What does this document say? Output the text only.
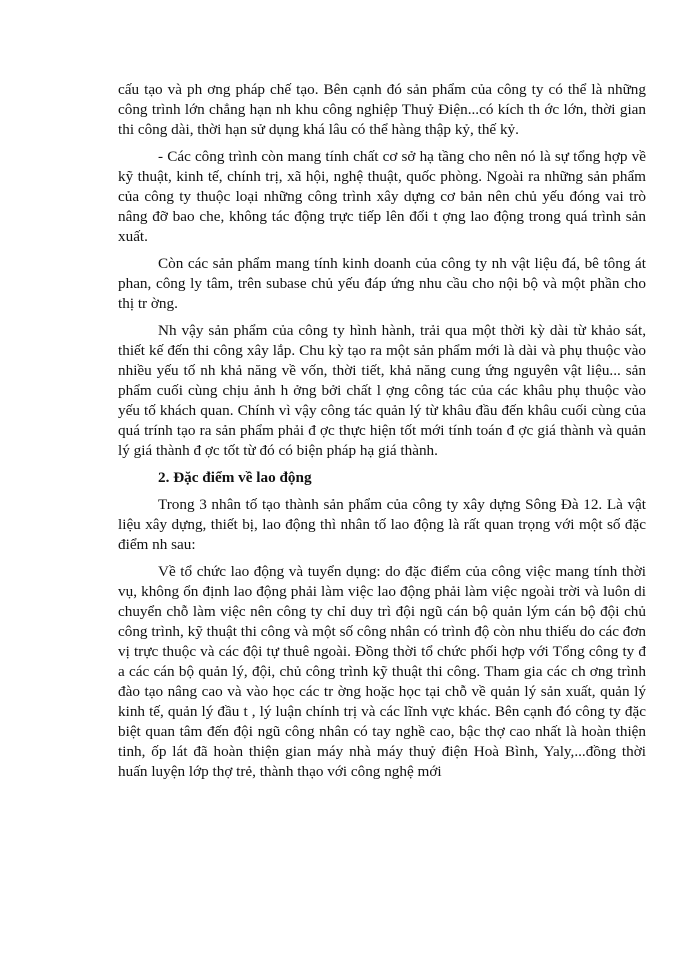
cấu tạo và ph ơng pháp chế tạo. Bên cạnh đó sản phẩm của công ty có thể là những công trình lớn chẳng hạn nh khu công nghiệp Thuỷ Điện...có kích th ớc lớn, thời gian thi công dài, thời hạn sử dụng khá lâu có thể hàng thập kỷ, thế kỷ.

- Các công trình còn mang tính chất cơ sở hạ tầng cho nên nó là sự tổng hợp về kỹ thuật, kinh tế, chính trị, xã hội, nghệ thuật, quốc phòng. Ngoài ra những sản phẩm của công ty thuộc loại những công trình xây dựng cơ bản nên chủ yếu đóng vai trò nâng đỡ bao che, không tác động trực tiếp lên đối t ợng lao động trong quá trình sản xuất.

Còn các sản phẩm mang tính kinh doanh của công ty nh vật liệu đá, bê tông át phan, công ly tâm, trên subase chủ yếu đáp ứng nhu cầu cho nội bộ và một phần cho thị tr ờng.

Nh vậy sản phẩm của công ty hình hành, trải qua một thời kỳ dài từ khảo sát, thiết kế đến thi công xây lắp. Chu kỳ tạo ra một sản phẩm mới là dài và phụ thuộc vào nhiều yếu tố nh khả năng về vốn, thời tiết, khả năng cung ứng nguyên vật liệu... sản phẩm cuối cùng chịu ảnh h ởng bởi chất l ợng công tác của các khâu phụ thuộc vào yếu tố khách quan. Chính vì vậy công tác quản lý từ khâu đầu đến khâu cuối cùng của quá trính tạo ra sản phẩm phải đ ợc thực hiện tốt mới tính toán đ ợc giá thành và quản lý giá thành đ ợc tốt từ đó có biện pháp hạ giá thành.

2. Đặc điểm về lao động

Trong 3 nhân tố tạo thành sản phẩm của công ty xây dựng Sông Đà 12. Là vật liệu xây dựng, thiết bị, lao động thì nhân tố lao động là rất quan trọng với một số đặc điểm nh sau:

Về tổ chức lao động và tuyển dụng: do đặc điểm của công việc mang tính thời vụ, không ổn định lao động phải làm việc lao động phải làm việc ngoài trời và luôn di chuyển chỗ làm việc nên công ty chỉ duy trì đội ngũ cán bộ quản lým cán bộ đội chủ công trình, kỹ thuật thi công và một số công nhân có trình độ còn nhu thiếu do các đơn vị trực thuộc và các đội tự thuê ngoài. Đồng thời tổ chức phối hợp với Tổng công ty đ a các cán bộ quản lý, đội, chủ công trình kỹ thuật thi công. Tham gia các ch ơng trình đào tạo nâng cao và vào học các tr ờng hoặc học tại chỗ về quản lý sản xuất, quản lý kinh tế, quản lý đầu t , lý luận chính trị và các lĩnh vực khác. Bên cạnh đó công ty đặc biệt quan tâm đến đội ngũ công nhân có tay nghề cao, bậc thợ cao nhất là hoàn thiện tinh, ốp lát đã hoàn thiện gian máy nhà máy thuỷ điện Hoà Bình, Yaly,...đồng thời huấn luyện lớp thợ trẻ, thành thạo với công nghệ mới
